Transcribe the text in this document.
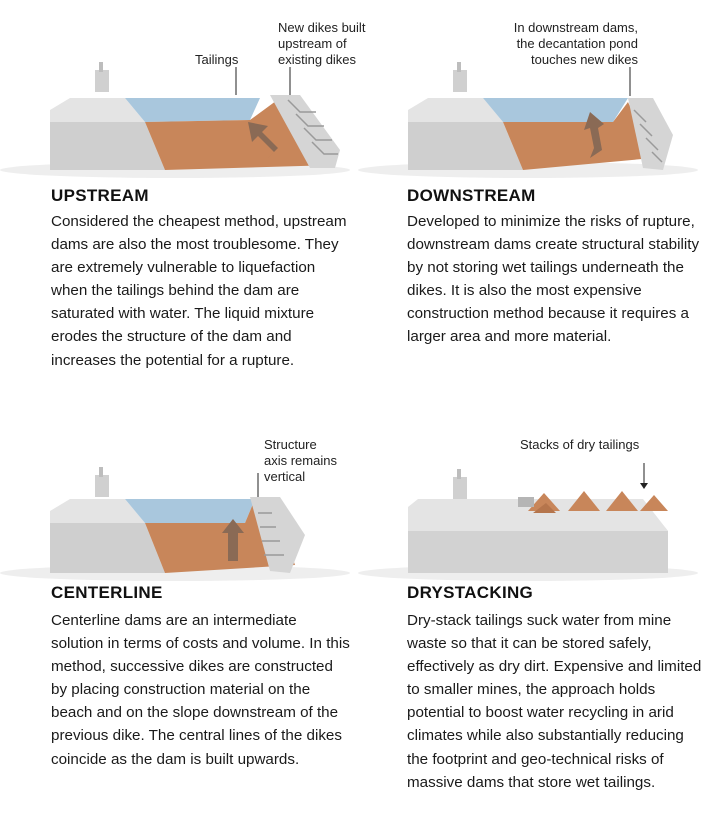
Tailings
New dikes built
upstream of
existing dikes
UPSTREAM
Considered the cheapest method, upstream dams are also the most troublesome. They are extremely vulnerable to liquefaction when the tailings behind the dam are saturated with water. The liquid mixture erodes the structure of the dam and increases the potential for a rupture.
In downstream dams,
the decantation pond
touches new dikes
DOWNSTREAM
Developed to minimize the risks of rupture, downstream dams create structural stability by not storing wet tailings underneath the dikes. It is also the most expensive construction method because it requires a larger area and more material.
Structure
axis remains
vertical
CENTERLINE
Centerline dams are an intermediate solution in terms of costs and volume. In this method, successive dikes are constructed by placing construction material on the beach and on the slope downstream of the previous dike. The central lines of the dikes coincide as the dam is built upwards.
Stacks of dry tailings
DRYSTACKING
Dry-stack tailings suck water from mine waste so that it can be stored safely, effectively as dry dirt. Expensive and limited to smaller mines, the approach holds potential to boost water recycling in arid climates while also substantially reducing the footprint and geo-technical risks of massive dams that store wet tailings.
